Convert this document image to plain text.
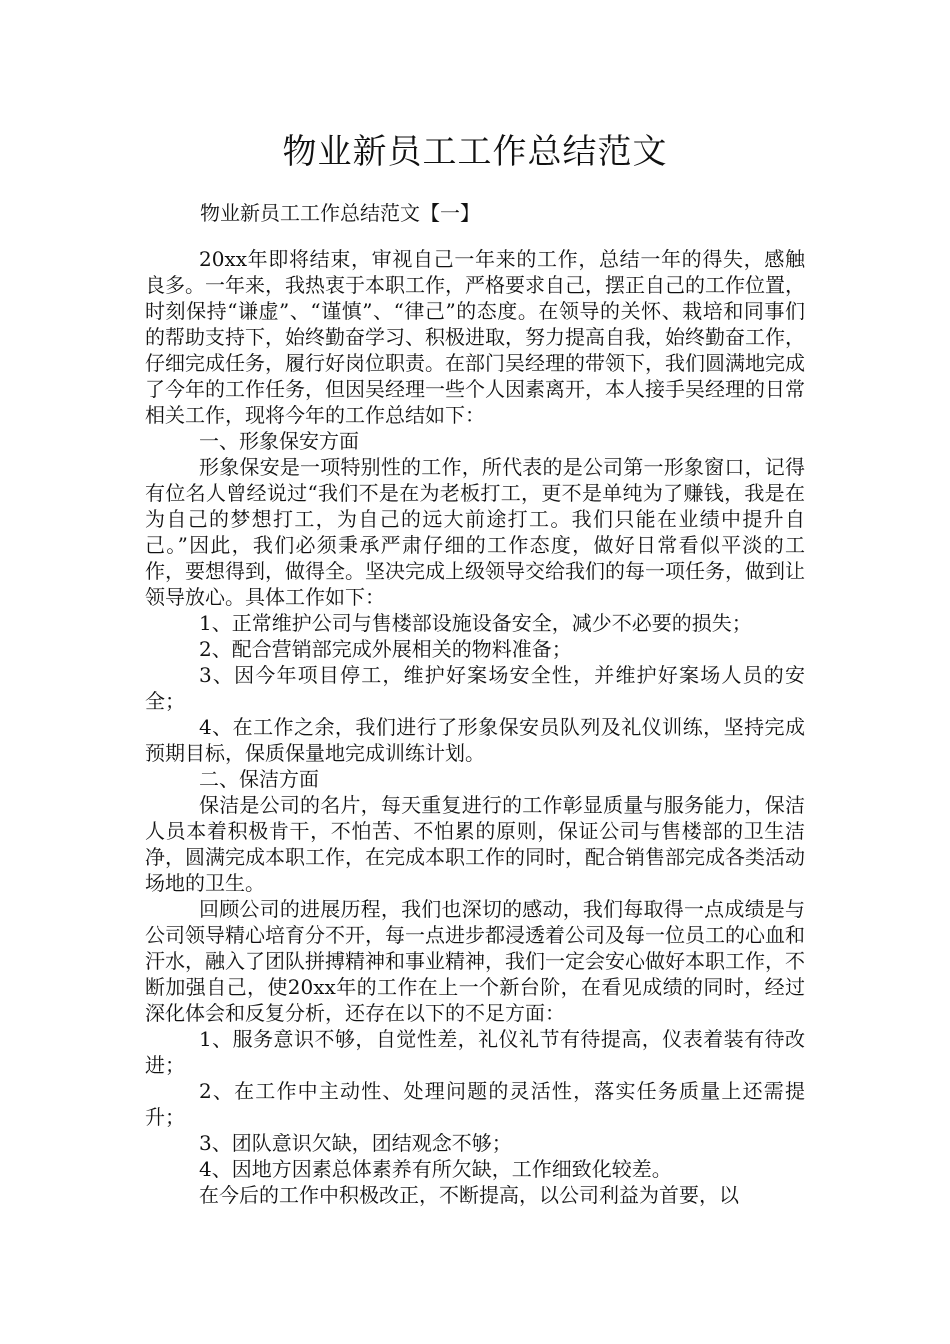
物业新员工工作总结范文

物业新员工工作总结范文【一】

20xx年即将结束，审视自己一年来的工作，总结一年的得失，感触良多。一年来，我热衷于本职工作，严格要求自己，摆正自己的工作位置，时刻保持“谦虚”、“谨慎”、“律己”的态度。在领导的关怀、栽培和同事们的帮助支持下，始终勤奋学习、积极进取，努力提高自我，始终勤奋工作，仔细完成任务，履行好岗位职责。在部门吴经理的带领下，我们圆满地完成了今年的工作任务，但因吴经理一些个人因素离开，本人接手吴经理的日常相关工作，现将今年的工作总结如下：

一、形象保安方面

形象保安是一项特别性的工作，所代表的是公司第一形象窗口，记得有位名人曾经说过“我们不是在为老板打工，更不是单纯为了赚钱，我是在为自己的梦想打工，为自己的远大前途打工。我们只能在业绩中提升自己。”因此，我们必须秉承严肃仔细的工作态度，做好日常看似平淡的工作，要想得到，做得全。坚决完成上级领导交给我们的每一项任务，做到让领导放心。具体工作如下：

1、正常维护公司与售楼部设施设备安全，减少不必要的损失；

2、配合营销部完成外展相关的物料准备；

3、因今年项目停工，维护好案场安全性，并维护好案场人员的安全；

4、在工作之余，我们进行了形象保安员队列及礼仪训练，坚持完成预期目标，保质保量地完成训练计划。

二、保洁方面

保洁是公司的名片，每天重复进行的工作彰显质量与服务能力，保洁人员本着积极肯干，不怕苦、不怕累的原则，保证公司与售楼部的卫生洁净，圆满完成本职工作，在完成本职工作的同时，配合销售部完成各类活动场地的卫生。

回顾公司的进展历程，我们也深切的感动，我们每取得一点成绩是与公司领导精心培育分不开，每一点进步都浸透着公司及每一位员工的心血和汗水，融入了团队拼搏精神和事业精神，我们一定会安心做好本职工作，不断加强自己，使20xx年的工作在上一个新台阶，在看见成绩的同时，经过深化体会和反复分析，还存在以下的不足方面：

1、服务意识不够，自觉性差，礼仪礼节有待提高，仪表着装有待改进；

2、在工作中主动性、处理问题的灵活性，落实任务质量上还需提升；

3、团队意识欠缺，团结观念不够；

4、因地方因素总体素养有所欠缺，工作细致化较差。

在今后的工作中积极改正，不断提高，以公司利益为首要，以
